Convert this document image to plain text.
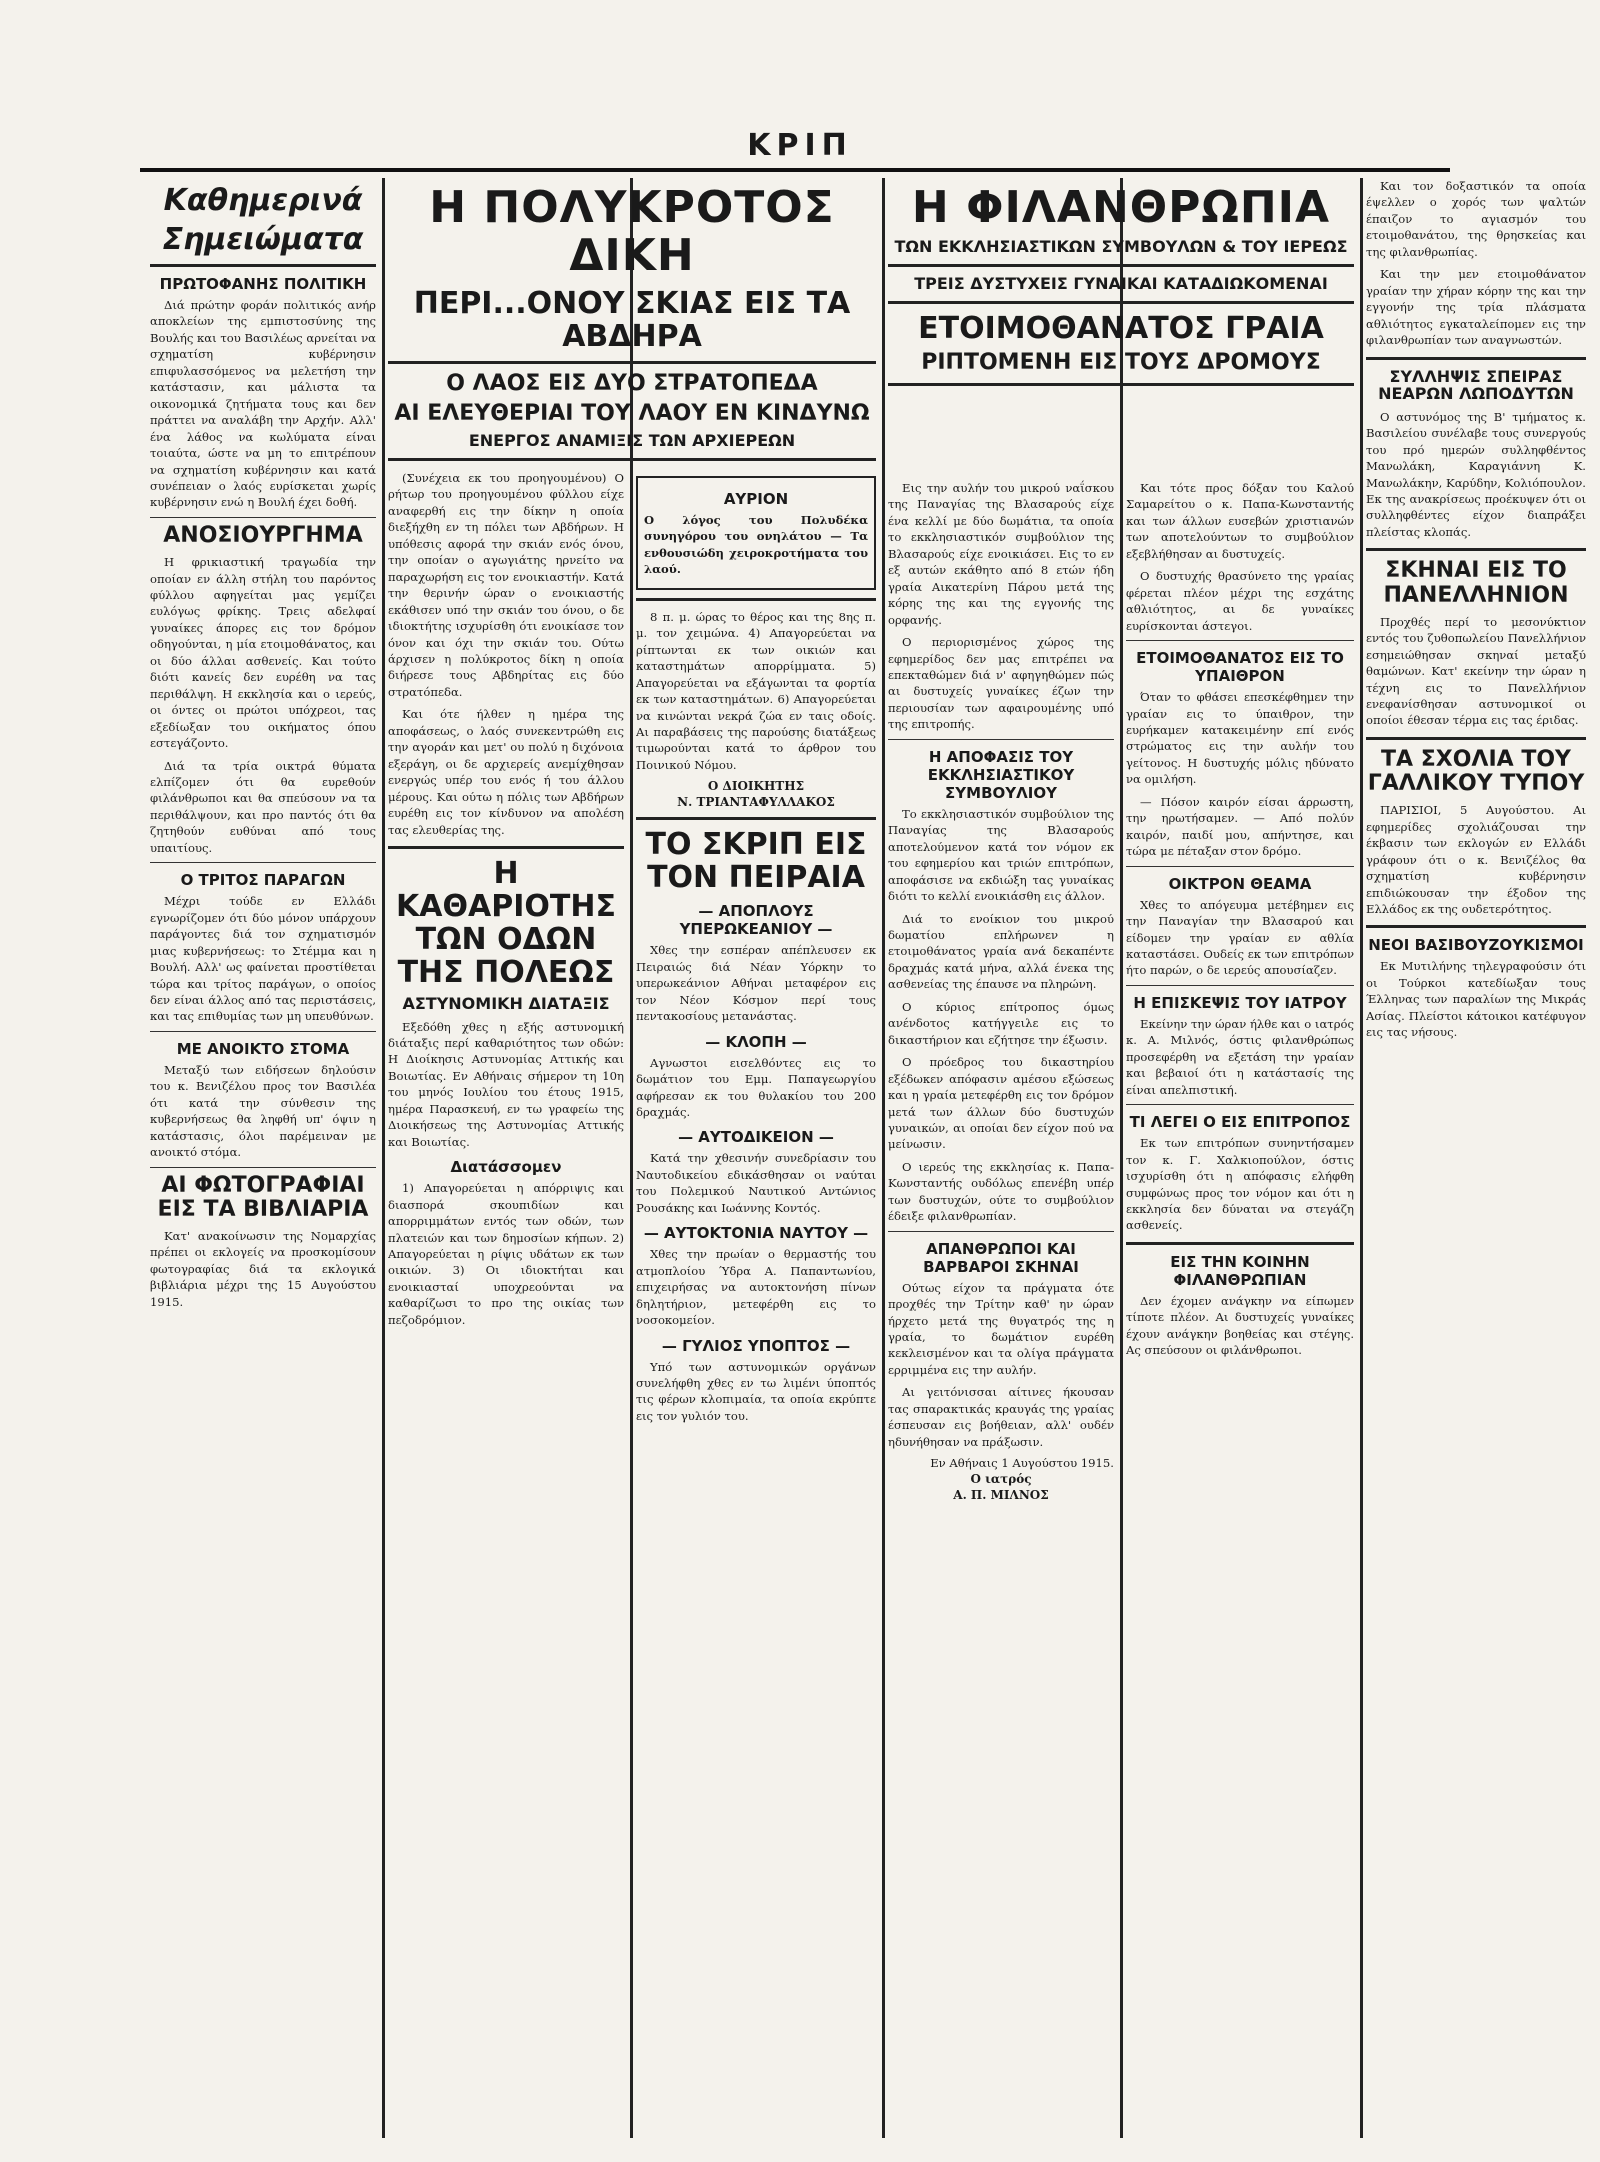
ΚΡΙΠ
Καθημερινά
Σημειώματα
ΠΡΩΤΟΦΑΝΗΣ ΠΟΛΙΤΙΚΗ

Διά πρώτην φοράν πολιτικός ανήρ αποκλείων της εμπιστοσύνης της Βουλής και του Βασιλέως αρνείται να σχηματίση κυβέρνησιν επιφυλασσόμενος να μελετήση την κατάστασιν, και μάλιστα τα οικονομικά ζητήματα τους και δεν πράττει να αναλάβη την Αρχήν. Αλλ' ένα λάθος να κωλύματα είναι τοιαύτα, ώστε να μη το επιτρέπουν να σχηματίση κυβέρνησιν και κατά συνέπειαν ο λαός ευρίσκεται χωρίς κυβέρνησιν ενώ η Βουλή έχει δοθή.

ΑΝΟΣΙΟΥΡΓΗΜΑ

Η φρικιαστική τραγωδία την οποίαν εν άλλη στήλη του παρόντος φύλλου αφηγείται μας γεμίζει ευλόγως φρίκης. Τρεις αδελφαί γυναίκες άπορες εις τον δρόμον οδηγούνται, η μία ετοιμοθάνατος, και οι δύο άλλαι ασθενείς. Και τούτο διότι κανείς δεν ευρέθη να τας περιθάλψη. Η εκκλησία και ο ιερεύς, οι όντες οι πρώτοι υπόχρεοι, τας εξεδίωξαν του οικήματος όπου εστεγάζοντο.

Διά τα τρία οικτρά θύματα ελπίζομεν ότι θα ευρεθούν φιλάνθρωποι και θα σπεύσουν να τα περιθάλψουν, και προ παντός ότι θα ζητηθούν ευθύναι από τους υπαιτίους.

Ο ΤΡΙΤΟΣ ΠΑΡΑΓΩΝ

Μέχρι τούδε εν Ελλάδι εγνωρίζομεν ότι δύο μόνον υπάρχουν παράγοντες διά τον σχηματισμόν μιας κυβερνήσεως: το Στέμμα και η Βουλή. Αλλ' ως φαίνεται προστίθεται τώρα και τρίτος παράγων, ο οποίος δεν είναι άλλος από τας περιστάσεις, και τας επιθυμίας των μη υπευθύνων.

ΜΕ ΑΝΟΙΚΤΟ ΣΤΟΜΑ

Μεταξύ των ειδήσεων δηλούσιν του κ. Βενιζέλου προς τον Βασιλέα ότι κατά την σύνθεσιν της κυβερνήσεως θα ληφθή υπ' όψιν η κατάστασις, όλοι παρέμειναν με ανοικτό στόμα.

ΑΙ ΦΩΤΟΓΡΑΦΙΑΙ ΕΙΣ ΤΑ ΒΙΒΛΙΑΡΙΑ

Κατ' ανακοίνωσιν της Νομαρχίας πρέπει οι εκλογείς να προσκομίσουν φωτογραφίας διά τα εκλογικά βιβλιάρια μέχρι της 15 Αυγούστου 1915.

Η ΠΟΛΥΚΡΟΤΟΣ ΔΙΚΗ
ΠΕΡΙ...ΟΝΟΥ ΣΚΙΑΣ ΕΙΣ ΤΑ ΑΒΔΗΡΑ
Ο ΛΑΟΣ ΕΙΣ ΔΥΟ ΣΤΡΑΤΟΠΕΔΑ
ΑΙ ΕΛΕΥΘΕΡΙΑΙ ΤΟΥ ΛΑΟΥ ΕΝ ΚΙΝΔΥΝΩ
ΕΝΕΡΓΟΣ ΑΝΑΜΙΞΙΣ ΤΩΝ ΑΡΧΙΕΡΕΩΝ

(Συνέχεια εκ του προηγουμένου) Ο ρήτωρ του προηγουμένου φύλλου είχε αναφερθή εις την δίκην η οποία διεξήχθη εν τη πόλει των Αβδήρων. Η υπόθεσις αφορά την σκιάν ενός όνου, την οποίαν ο αγωγιάτης ηρνείτο να παραχωρήση εις τον ενοικιαστήν. Κατά την θερινήν ώραν ο ενοικιαστής εκάθισεν υπό την σκιάν του όνου, ο δε ιδιοκτήτης ισχυρίσθη ότι ενοικίασε τον όνον και όχι την σκιάν του. Ούτω άρχισεν η πολύκροτος δίκη η οποία διήρεσε τους Αβδηρίτας εις δύο στρατόπεδα.

Και ότε ήλθεν η ημέρα της αποφάσεως, ο λαός συνεκεντρώθη εις την αγοράν και μετ' ου πολύ η διχόνοια εξεράγη, οι δε αρχιερείς ανεμίχθησαν ενεργώς υπέρ του ενός ή του άλλου μέρους. Και ούτω η πόλις των Αβδήρων ευρέθη εις τον κίνδυνον να απολέση τας ελευθερίας της.

Η ΚΑΘΑΡΙΟΤΗΣ ΤΩΝ ΟΔΩΝ ΤΗΣ ΠΟΛΕΩΣ
ΑΣΤΥΝΟΜΙΚΗ ΔΙΑΤΑΞΙΣ

Εξεδόθη χθες η εξής αστυνομική διάταξις περί καθαριότητος των οδών: Η Διοίκησις Αστυνομίας Αττικής και Βοιωτίας. Εν Αθήναις σήμερον τη 10η του μηνός Ιουλίου του έτους 1915, ημέρα Παρασκευή, εν τω γραφείω της Διοικήσεως της Αστυνομίας Αττικής και Βοιωτίας.

Διατάσσομεν

1) Απαγορεύεται η απόρριψις και διασπορά σκουπιδίων και απορριμμάτων εντός των οδών, των πλατειών και των δημοσίων κήπων. 2) Απαγορεύεται η ρίψις υδάτων εκ των οικιών. 3) Οι ιδιοκτήται και ενοικιασταί υποχρεούνται να καθαρίζωσι το προ της οικίας των πεζοδρόμιον.

ΑΥΡΙΟΝ

Ο λόγος του Πολυδέκα συνηγόρου του ονηλάτου — Τα ενθουσιώδη χειροκροτήματα του λαού.

8 π. μ. ώρας το θέρος και της 8ης π. μ. τον χειμώνα. 4) Απαγορεύεται να ρίπτωνται εκ των οικιών και καταστημάτων απορρίμματα. 5) Απαγορεύεται να εξάγωνται τα φορτία εκ των καταστημάτων. 6) Απαγορεύεται να κινώνται νεκρά ζώα εν ταις οδοίς. Αι παραβάσεις της παρούσης διατάξεως τιμωρούνται κατά το άρθρον του Ποινικού Νόμου.

Ο ΔΙΟΙΚΗΤΗΣ
Ν. ΤΡΙΑΝΤΑΦΥΛΛΑΚΟΣ
ΤΟ ΣΚΡΙΠ ΕΙΣ ΤΟΝ ΠΕΙΡΑΙΑ
— ΑΠΟΠΛΟΥΣ ΥΠΕΡΩΚΕΑΝΙΟΥ —

Χθες την εσπέραν απέπλευσεν εκ Πειραιώς διά Νέαν Υόρκην το υπερωκεάνιον Αθήναι μεταφέρον εις τον Νέον Κόσμον περί τους πεντακοσίους μετανάστας.

— ΚΛΟΠΗ —

Αγνωστοι εισελθόντες εις το δωμάτιον του Εμμ. Παπαγεωργίου αφήρεσαν εκ του θυλακίου του 200 δραχμάς.

— ΑΥΤΟΔΙΚΕΙΟΝ —

Κατά την χθεσινήν συνεδρίασιν του Ναυτοδικείου εδικάσθησαν οι ναύται του Πολεμικού Ναυτικού Αντώνιος Ρουσάκης και Ιωάννης Κοντός.

— ΑΥΤΟΚΤΟΝΙΑ ΝΑΥΤΟΥ —

Χθες την πρωίαν ο θερμαστής του ατμοπλοίου Ύδρα Α. Παπαντωνίου, επιχειρήσας να αυτοκτονήση πίνων δηλητήριον, μετεφέρθη εις το νοσοκομείον.

— ΓΥΛΙΟΣ ΥΠΟΠΤΟΣ —

Υπό των αστυνομικών οργάνων συνελήφθη χθες εν τω λιμένι ύποπτός τις φέρων κλοπιμαία, τα οποία εκρύπτε εις τον γυλιόν του.

Η ΦΙΛΑΝΘΡΩΠΙΑ
ΤΩΝ ΕΚΚΛΗΣΙΑΣΤΙΚΩΝ ΣΥΜΒΟΥΛΩΝ & ΤΟΥ ΙΕΡΕΩΣ
ΤΡΕΙΣ ΔΥΣΤΥΧΕΙΣ ΓΥΝΑΙΚΑΙ ΚΑΤΑΔΙΩΚΟΜΕΝΑΙ
ΕΤΟΙΜΟΘΑΝΑΤΟΣ ΓΡΑΙΑ
ΡΙΠΤΟΜΕΝΗ ΕΙΣ ΤΟΥΣ ΔΡΟΜΟΥΣ

Εις την αυλήν του μικρού ναΐσκου της Παναγίας της Βλασαρούς είχε ένα κελλί με δύο δωμάτια, τα οποία το εκκλησιαστικόν συμβούλιον της Βλασαρούς είχε ενοικιάσει. Εις το εν εξ αυτών εκάθητο από 8 ετών ήδη γραία Αικατερίνη Πάρου μετά της κόρης της και της εγγονής της ορφανής.

Ο περιορισμένος χώρος της εφημερίδος δεν μας επιτρέπει να επεκταθώμεν διά ν' αφηγηθώμεν πώς αι δυστυχείς γυναίκες έζων την περιουσίαν των αφαιρουμένης υπό της επιτροπής.

Η ΑΠΟΦΑΣΙΣ ΤΟΥ ΕΚΚΛΗΣΙΑΣΤΙΚΟΥ ΣΥΜΒΟΥΛΙΟΥ

Το εκκλησιαστικόν συμβούλιον της Παναγίας της Βλασαρούς αποτελούμενον κατά τον νόμον εκ του εφημερίου και τριών επιτρόπων, αποφάσισε να εκδιώξη τας γυναίκας διότι το κελλί ενοικιάσθη εις άλλον.

Διά το ενοίκιον του μικρού δωματίου επλήρωνεν η ετοιμοθάνατος γραία ανά δεκαπέντε δραχμάς κατά μήνα, αλλά ένεκα της ασθενείας της έπαυσε να πληρώνη.

Ο κύριος επίτροπος όμως ανένδοτος κατήγγειλε εις το δικαστήριον και εζήτησε την έξωσιν.

Ο πρόεδρος του δικαστηρίου εξέδωκεν απόφασιν αμέσου εξώσεως και η γραία μετεφέρθη εις τον δρόμον μετά των άλλων δύο δυστυχών γυναικών, αι οποίαι δεν είχον πού να μείνωσιν.

Ο ιερεύς της εκκλησίας κ. Παπα-Κωνσταντής ουδόλως επενέβη υπέρ των δυστυχών, ούτε το συμβούλιον έδειξε φιλανθρωπίαν.

ΑΠΑΝΘΡΩΠΟΙ ΚΑΙ ΒΑΡΒΑΡΟΙ ΣΚΗΝΑΙ

Ούτως είχον τα πράγματα ότε προχθές την Τρίτην καθ' ην ώραν ήρχετο μετά της θυγατρός της η γραία, το δωμάτιον ευρέθη κεκλεισμένον και τα ολίγα πράγματα ερριμμένα εις την αυλήν.

Αι γειτόνισσαι αίτινες ήκουσαν τας σπαρακτικάς κραυγάς της γραίας έσπευσαν εις βοήθειαν, αλλ' ουδέν ηδυνήθησαν να πράξωσιν.

Εν Αθήναις 1 Αυγούστου 1915.
Ο ιατρός
Α. Π. ΜΙΛΝΟΣ

Και τότε προς δόξαν του Καλού Σαμαρείτου ο κ. Παπα-Κωνσταντής και των άλλων ευσεβών χριστιανών των αποτελούντων το συμβούλιον εξεβλήθησαν αι δυστυχείς.

Ο δυστυχής θρασύνετο της γραίας φέρεται πλέον μέχρι της εσχάτης αθλιότητος, αι δε γυναίκες ευρίσκονται άστεγοι.

ΕΤΟΙΜΟΘΑΝΑΤΟΣ ΕΙΣ ΤΟ ΥΠΑΙΘΡΟΝ

Όταν το φθάσει επεσκέφθημεν την γραίαν εις το ύπαιθρον, την ευρήκαμεν κατακειμένην επί ενός στρώματος εις την αυλήν του γείτονος. Η δυστυχής μόλις ηδύνατο να ομιλήση.

— Πόσον καιρόν είσαι άρρωστη, την ηρωτήσαμεν. — Από πολύν καιρόν, παιδί μου, απήντησε, και τώρα με πέταξαν στον δρόμο.

ΟΙΚΤΡΟΝ ΘΕΑΜΑ

Χθες το απόγευμα μετέβημεν εις την Παναγίαν την Βλασαρού και είδομεν την γραίαν εν αθλία καταστάσει. Ουδείς εκ των επιτρόπων ήτο παρών, ο δε ιερεύς απουσίαζεν.

Η ΕΠΙΣΚΕΨΙΣ ΤΟΥ ΙΑΤΡΟΥ

Εκείνην την ώραν ήλθε και ο ιατρός κ. Α. Μιλνός, όστις φιλανθρώπως προσεφέρθη να εξετάση την γραίαν και βεβαιοί ότι η κατάστασίς της είναι απελπιστική.

ΤΙ ΛΕΓΕΙ Ο ΕΙΣ ΕΠΙΤΡΟΠΟΣ

Εκ των επιτρόπων συνηντήσαμεν τον κ. Γ. Χαλκιοπούλον, όστις ισχυρίσθη ότι η απόφασις ελήφθη συμφώνως προς τον νόμον και ότι η εκκλησία δεν δύναται να στεγάζη ασθενείς.

ΕΙΣ ΤΗΝ ΚΟΙΝΗΝ ΦΙΛΑΝΘΡΩΠΙΑΝ

Δεν έχομεν ανάγκην να είπωμεν τίποτε πλέον. Αι δυστυχείς γυναίκες έχουν ανάγκην βοηθείας και στέγης. Ας σπεύσουν οι φιλάνθρωποι.

Και τον δοξαστικόν τα οποία έψελλεν ο χορός των ψαλτών έπαιζον το αγιασμόν του ετοιμοθανάτου, της θρησκείας και της φιλανθρωπίας.

Και την μεν ετοιμοθάνατον γραίαν την χήραν κόρην της και την εγγονήν της τρία πλάσματα αθλιότητος εγκαταλείπομεν εις την φιλανθρωπίαν των αναγνωστών.

ΣΥΛΛΗΨΙΣ ΣΠΕΙΡΑΣ ΝΕΑΡΩΝ ΛΩΠΟΔΥΤΩΝ

Ο αστυνόμος της Β' τμήματος κ. Βασιλείου συνέλαβε τους συνεργούς του πρό ημερών συλληφθέντος Μανωλάκη, Καραγιάννη Κ. Μανωλάκην, Καρύδην, Κολιόπουλον. Εκ της ανακρίσεως προέκυψεν ότι οι συλληφθέντες είχον διαπράξει πλείστας κλοπάς.

ΣΚΗΝΑΙ ΕΙΣ ΤΟ ΠΑΝΕΛΛΗΝΙΟΝ

Προχθές περί το μεσονύκτιον εντός του ζυθοπωλείου Πανελλήνιον εσημειώθησαν σκηναί μεταξύ θαμώνων. Κατ' εκείνην την ώραν η τέχνη εις το Πανελλήνιον ενεφανίσθησαν αστυνομικοί οι οποίοι έθεσαν τέρμα εις τας έριδας.

ΤΑ ΣΧΟΛΙΑ ΤΟΥ ΓΑΛΛΙΚΟΥ ΤΥΠΟΥ

ΠΑΡΙΣΙΟΙ, 5 Αυγούστου. Αι εφημερίδες σχολιάζουσαι την έκβασιν των εκλογών εν Ελλάδι γράφουν ότι ο κ. Βενιζέλος θα σχηματίση κυβέρνησιν επιδιώκουσαν την έξοδον της Ελλάδος εκ της ουδετερότητος.

ΝΕΟΙ ΒΑΣΙΒΟΥΖΟΥΚΙΣΜΟΙ

Εκ Μυτιλήνης τηλεγραφούσιν ότι οι Τούρκοι κατεδίωξαν τους Έλληνας των παραλίων της Μικράς Ασίας. Πλείστοι κάτοικοι κατέφυγον εις τας νήσους.
